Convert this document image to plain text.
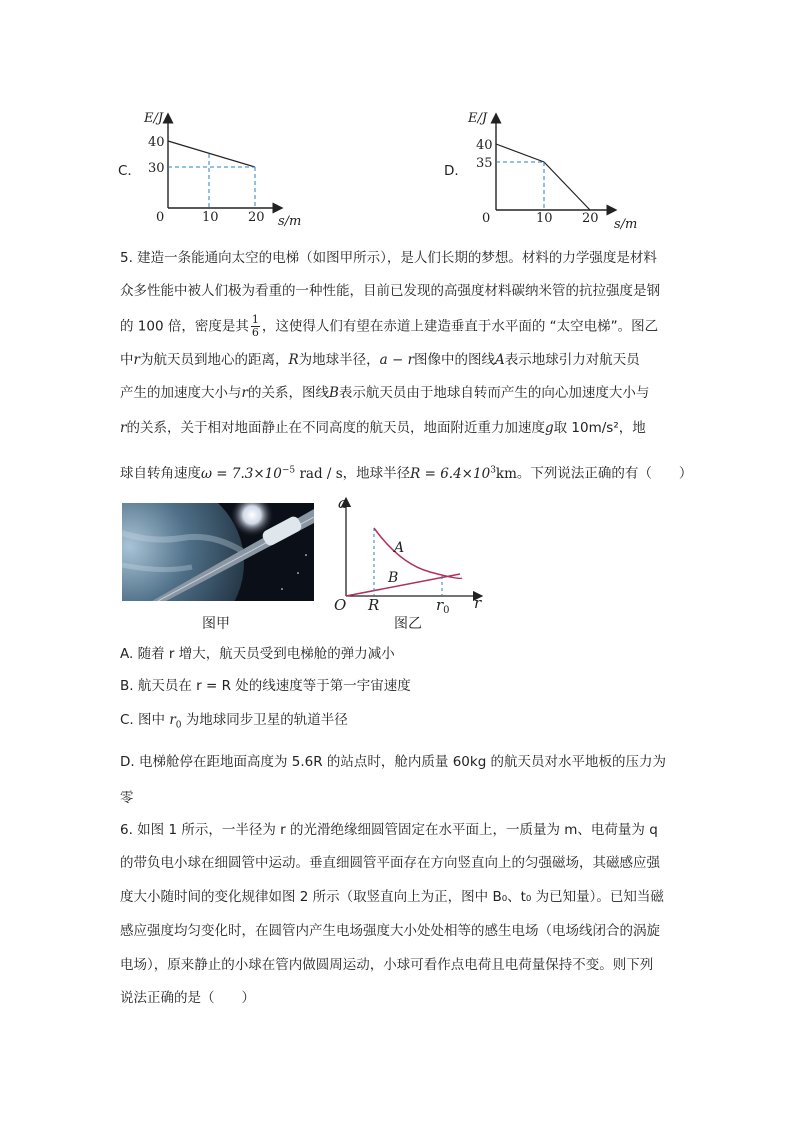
C.
E/J
40
30
0	10 20 s/m
D.
E/J
40
35
0	10 20 s/m
5. 建造一条能通向太空的电梯（如图甲所示），是人们长期的梦想。材料的力学强度是材料
众多性能中被人们极为看重的一种性能，目前已发现的高强度材料碳纳米管的抗拉强度是钢
的 100 倍，密度是其 $\frac{1}{6}$ ，这使得人们有望在赤道上建造垂直于水平面的 “太空电梯”。图乙
中r为航天员到地心的距离，R为地球半径，a − r图像中的图线A表示地球引力对航天员
产生的加速度大小与r的关系，图线B表示航天员由于地球自转而产生的向心加速度大小与
r的关系，关于相对地面静止在不同高度的航天员，地面附近重力加速度g取 10m/s²，地
球自转角速度$\omega = 7.3\times 10^{-5}$ rad / s，地球半径$R = 6.4\times 10^3km$。下列说法正确的有（　　）
图甲
a
r
O R	$r_0$
A
B
图乙
A. 随着 r 增大，航天员受到电梯舱的弹力减小
B. 航天员在 r = R 处的线速度等于第一宇宙速度
C. 图中 $r_0$ 为地球同步卫星的轨道半径
D. 电梯舱停在距地面高度为 5.6R 的站点时，舱内质量 60kg 的航天员对水平地板的压力为
零
6. 如图 1 所示，一半径为 r 的光滑绝缘细圆管固定在水平面上，一质量为 m、电荷量为 q
的带负电小球在细圆管中运动。垂直细圆管平面存在方向竖直向上的匀强磁场，其磁感应强
度大小随时间的变化规律如图 2 所示（取竖直向上为正，图中 B₀、t₀ 为已知量）。已知当磁
感应强度均匀变化时，在圆管内产生电场强度大小处处相等的感生电场（电场线闭合的涡旋
电场），原来静止的小球在管内做圆周运动，小球可看作点电荷且电荷量保持不变。则下列
说法正确的是（　　）
